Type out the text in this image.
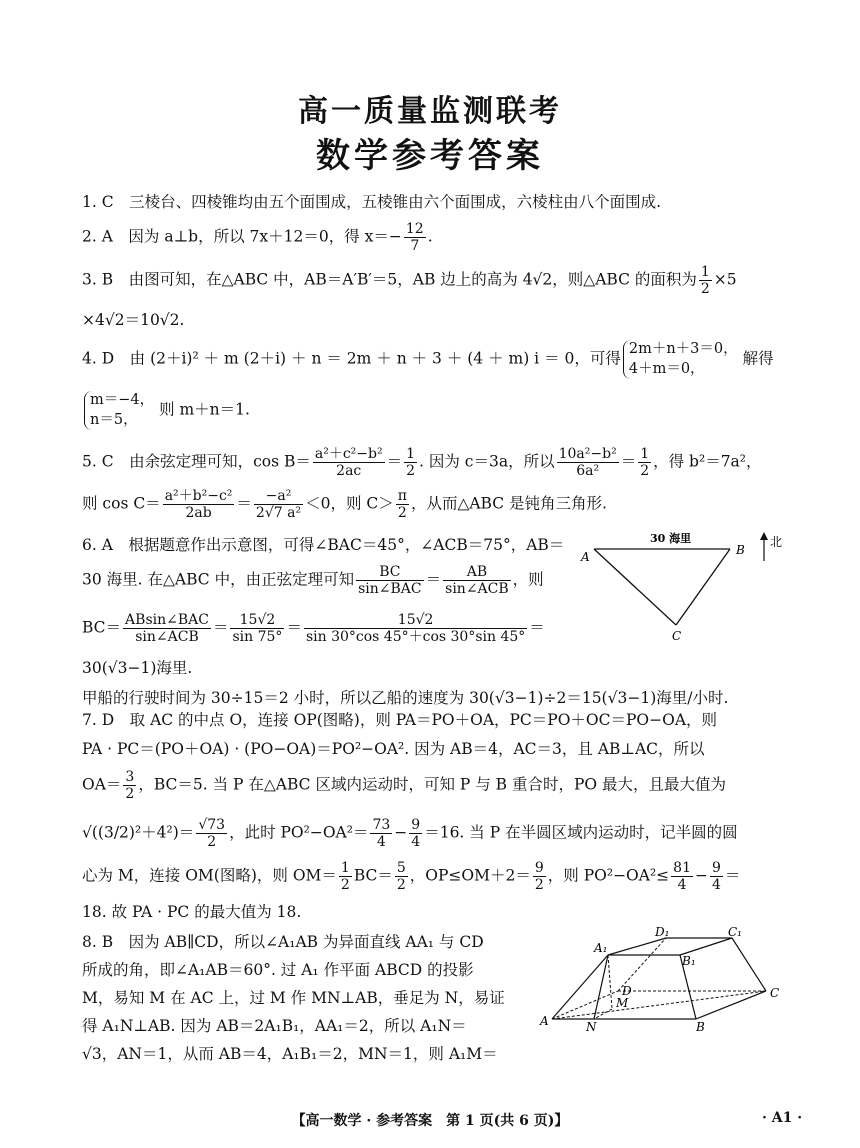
高一质量监测联考
数学参考答案
1. C　三棱台、四棱锥均由五个面围成，五棱锥由六个面围成，六棱柱由八个面围成.
2. A　因为 a⊥b，所以 7x＋12＝0，得 $x=- \frac{12}{7}$ .
3. B　由图可知，在△ABC 中，AB＝A′B′＝5，AB 边上的高为 4√2，则△ABC 的面积为 $\frac{1}{2} \times 5$
×4√2＝10√2.
4. D　由 (2＋i)² ＋ m (2＋i) ＋ n ＝ 2m ＋ n ＋ 3 ＋ (4 ＋ m) i ＝ 0，可得2m＋n＋3＝0，
4＋m＝0， 解得
m＝−4，
n＝5， 则 m＋n＝1.
5. C　由余弦定理可知，$\cos B= \frac{\text{a²＋c²−b²}}{2ac} = \frac{1}{2}$ . 因为 c＝3a，所以 $\frac{\text{10a²−b²}}{\text{6a²}} = \frac{1}{2}$ ，得 b²＝7a²，
则 $\cos C= \frac{\text{a²＋b²−c²}}{2ab} = \frac{\text{−a²}}{\text{2√7 a²}} <0$，则 $C> \frac{\pi}{2}$ ，从而△ABC 是钝角三角形.
6. A　根据题意作出示意图，可得∠BAC＝45°，∠ACB＝75°，AB＝
30 海里. 在△ABC 中，由正弦定理可知 $\frac{BC}{\text{sin∠BAC}} = \frac{AB}{\text{sin∠ACB}}$ ，则
$BC= \frac{\text{ABsin∠BAC}}{\text{sin∠ACB}} = \frac{15√2}{\sin 75^\circ} = \frac{15√2}{\sin 30^\circ\cos 45^\circ+\cos 30^\circ\sin 45^\circ}$ ＝
30(√3−1)海里.
甲船的行驶时间为 30÷15＝2 小时，所以乙船的速度为 30(√3−1)÷2＝15(√3−1)海里/小时.
30 海里
A	B
C
北
7. D　取 AC 的中点 O，连接 OP(图略)，则 PA＝PO＋OA，PC＝PO＋OC＝PO−OA，则
PA · PC＝(PO＋OA) · (PO−OA)＝PO²−OA². 因为 AB＝4，AC＝3，且 AB⊥AC，所以
$OA= \frac{3}{2}$ ，BC＝5. 当 P 在△ABC 区域内运动时，可知 P 与 B 重合时，PO 最大，且最大值为
$√((3/2)^2+4^2)= \frac{√73}{2}$ ，此时 $PO^2-OA^2= \frac{73}{4} - \frac{9}{4} =16$. 当 P 在半圆区域内运动时，记半圆的圆
心为 M，连接 OM(图略)，则 $OM= \frac{1}{2} BC= \frac{5}{2}$ ，$OP\le OM+2= \frac{9}{2}$ ，则 $PO^2-OA^2\le \frac{81}{4} - \frac{9}{4}$ ＝
18. 故 PA · PC 的最大值为 18.
8. B　因为 AB∥CD，所以∠A₁AB 为异面直线 AA₁ 与 CD
所成的角，即∠A₁AB＝60°. 过 A₁ 作平面 ABCD 的投影
M，易知 M 在 AC 上，过 M 作 MN⊥AB，垂足为 N，易证
得 A₁N⊥AB. 因为 AB＝2A₁B₁，AA₁＝2，所以 A₁N＝
√3，AN＝1，从而 AB＝4，A₁B₁＝2，MN＝1，则 A₁M＝
A	B
C
D
A₁
B₁
C₁
D₁
M
N
【高一数学 · 参考答案　第 1 页(共 6 页)】	· A1 ·
